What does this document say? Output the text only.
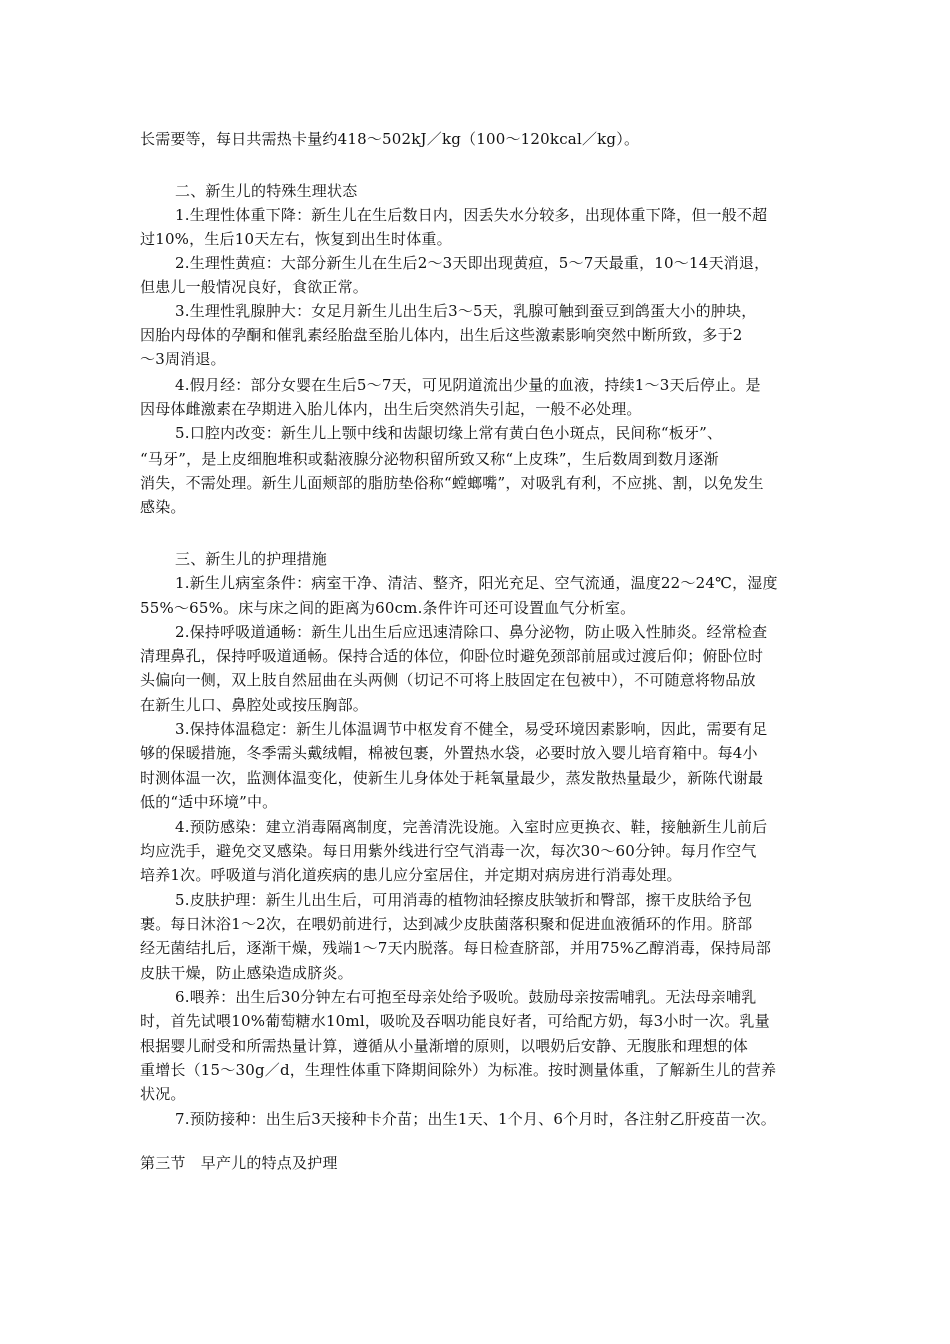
长需要等，每日共需热卡量约418～502kJ／kg（100～120kcal／kg）。
二、新生儿的特殊生理状态
1.生理性体重下降：新生儿在生后数日内，因丢失水分较多，出现体重下降，但一般不超
过10%，生后10天左右，恢复到出生时体重。
2.生理性黄疸：大部分新生儿在生后2～3天即出现黄疸，5～7天最重，10～14天消退，
但患儿一般情况良好，食欲正常。
3.生理性乳腺肿大：女足月新生儿出生后3～5天，乳腺可触到蚕豆到鸽蛋大小的肿块，
因胎内母体的孕酮和催乳素经胎盘至胎儿体内，出生后这些激素影响突然中断所致，多于2
～3周消退。
4.假月经：部分女婴在生后5～7天，可见阴道流出少量的血液，持续1～3天后停止。是
因母体雌激素在孕期进入胎儿体内，出生后突然消失引起，一般不必处理。
5.口腔内改变：新生儿上颚中线和齿龈切缘上常有黄白色小斑点，民间称“板牙”、
“马牙”，是上皮细胞堆积或黏液腺分泌物积留所致又称“上皮珠”，生后数周到数月逐渐
消失，不需处理。新生儿面颊部的脂肪垫俗称“螳螂嘴”，对吸乳有利，不应挑、割，以免发生
感染。
三、新生儿的护理措施
1.新生儿病室条件：病室干净、清洁、整齐，阳光充足、空气流通，温度22～24℃，湿度
55%～65%。床与床之间的距离为60cm.条件许可还可设置血气分析室。
2.保持呼吸道通畅：新生儿出生后应迅速清除口、鼻分泌物，防止吸入性肺炎。经常检查
清理鼻孔，保持呼吸道通畅。保持合适的体位，仰卧位时避免颈部前屈或过渡后仰；俯卧位时
头偏向一侧，双上肢自然屈曲在头两侧（切记不可将上肢固定在包被中），不可随意将物品放
在新生儿口、鼻腔处或按压胸部。
3.保持体温稳定：新生儿体温调节中枢发育不健全，易受环境因素影响，因此，需要有足
够的保暖措施，冬季需头戴绒帽，棉被包裹，外置热水袋，必要时放入婴儿培育箱中。每4小
时测体温一次，监测体温变化，使新生儿身体处于耗氧量最少，蒸发散热量最少，新陈代谢最
低的“适中环境”中。
4.预防感染：建立消毒隔离制度，完善清洗设施。入室时应更换衣、鞋，接触新生儿前后
均应洗手，避免交叉感染。每日用紫外线进行空气消毒一次，每次30～60分钟。每月作空气
培养1次。呼吸道与消化道疾病的患儿应分室居住，并定期对病房进行消毒处理。
5.皮肤护理：新生儿出生后，可用消毒的植物油轻擦皮肤皱折和臀部，擦干皮肤给予包
裹。每日沐浴1～2次，在喂奶前进行，达到减少皮肤菌落积聚和促进血液循环的作用。脐部
经无菌结扎后，逐渐干燥，残端1～7天内脱落。每日检查脐部，并用75%乙醇消毒，保持局部
皮肤干燥，防止感染造成脐炎。
6.喂养：出生后30分钟左右可抱至母亲处给予吸吮。鼓励母亲按需哺乳。无法母亲哺乳
时，首先试喂10%葡萄糖水10ml，吸吮及吞咽功能良好者，可给配方奶，每3小时一次。乳量
根据婴儿耐受和所需热量计算，遵循从小量渐增的原则，以喂奶后安静、无腹胀和理想的体
重增长（15～30g／d，生理性体重下降期间除外）为标准。按时测量体重，了解新生儿的营养
状况。
7.预防接种：出生后3天接种卡介苗；出生1天、1个月、6个月时，各注射乙肝疫苗一次。
第三节　早产儿的特点及护理
